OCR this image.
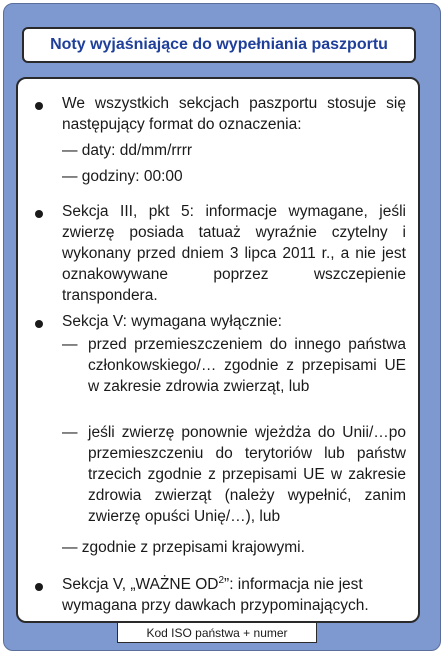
Noty wyjaśniające do wypełniania paszportu

We wszystkich sekcjach paszportu stosuje się następujący format do oznaczenia:

— daty: dd/mm/rrrr

— godziny: 00:00

Sekcja III, pkt 5: informacje wymagane, jeśli zwierzę posiada tatuaż wyraźnie czytelny i wykonany przed dniem 3 lipca 2011 r., a nie jest oznakowywane poprzez wszczepienie transpondera.

Sekcja V: wymagana wyłącznie:

— przed przemieszczeniem do innego państwa członkowskiego/… zgodnie z przepisami UE w zakresie zdrowia zwierząt, lub

— jeśli zwierzę ponownie wjeżdża do Unii/…po przemieszczeniu do terytoriów lub państw trzecich zgodnie z przepisami UE w zakresie zdrowia zwierząt (należy wypełnić, zanim zwierzę opuści Unię/…), lub

— zgodnie z przepisami krajowymi.

Sekcja V, „WAŻNE $OD^2$”: informacja nie jest wymagana przy dawkach przypominających.

Kod ISO państwa + numer
